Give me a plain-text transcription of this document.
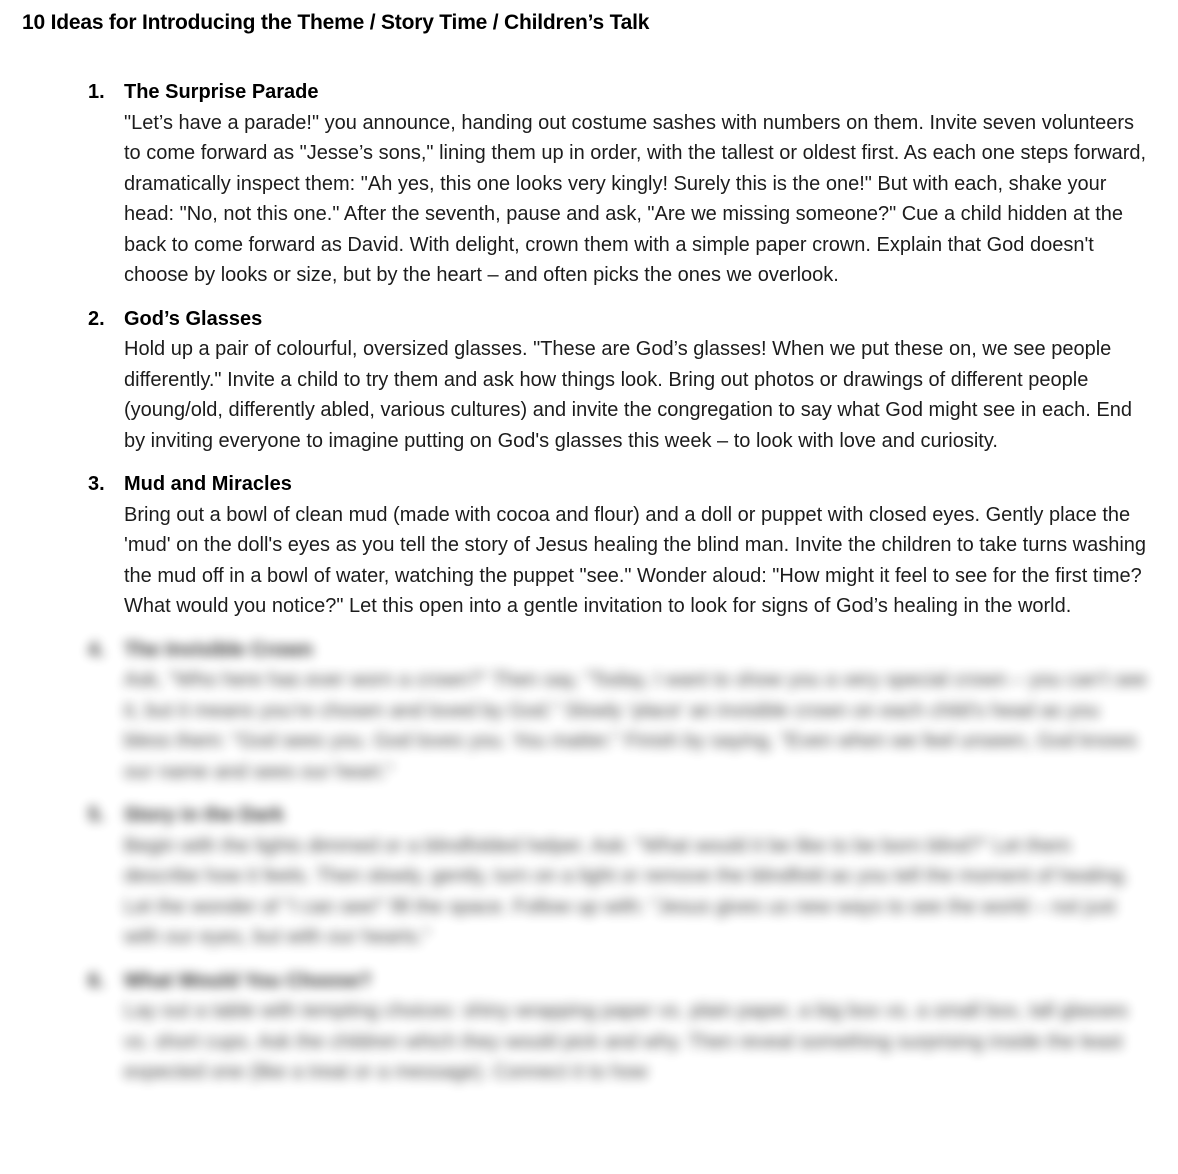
10 Ideas for Introducing the Theme / Story Time / Children’s Talk
1. The Surprise Parade

"Let’s have a parade!" you announce, handing out costume sashes with numbers on them. Invite seven volunteers to come forward as "Jesse’s sons," lining them up in order, with the tallest or oldest first. As each one steps forward, dramatically inspect them: "Ah yes, this one looks very kingly! Surely this is the one!" But with each, shake your head: "No, not this one." After the seventh, pause and ask, "Are we missing someone?" Cue a child hidden at the back to come forward as David. With delight, crown them with a simple paper crown. Explain that God doesn't choose by looks or size, but by the heart – and often picks the ones we overlook.

2. God’s Glasses

Hold up a pair of colourful, oversized glasses. "These are God’s glasses! When we put these on, we see people differently." Invite a child to try them and ask how things look. Bring out photos or drawings of different people (young/old, differently abled, various cultures) and invite the congregation to say what God might see in each. End by inviting everyone to imagine putting on God's glasses this week – to look with love and curiosity.

3. Mud and Miracles

Bring out a bowl of clean mud (made with cocoa and flour) and a doll or puppet with closed eyes. Gently place the 'mud' on the doll's eyes as you tell the story of Jesus healing the blind man. Invite the children to take turns washing the mud off in a bowl of water, watching the puppet "see." Wonder aloud: "How might it feel to see for the first time? What would you notice?" Let this open into a gentle invitation to look for signs of God’s healing in the world.

4. The Invisible Crown

Ask, "Who here has ever worn a crown?" Then say, "Today, I want to show you a very special crown – you can’t see it, but it means you’re chosen and loved by God." Slowly ‘place’ an invisible crown on each child’s head as you bless them: "God sees you. God loves you. You matter." Finish by saying, "Even when we feel unseen, God knows our name and sees our heart."

5. Story in the Dark

Begin with the lights dimmed or a blindfolded helper. Ask: "What would it be like to be born blind?" Let them describe how it feels. Then slowly, gently, turn on a light or remove the blindfold as you tell the moment of healing. Let the wonder of "I can see!" fill the space. Follow up with: "Jesus gives us new ways to see the world – not just with our eyes, but with our hearts."

6. What Would You Choose?

Lay out a table with tempting choices: shiny wrapping paper vs. plain paper, a big box vs. a small box, tall glasses vs. short cups. Ask the children which they would pick and why. Then reveal something surprising inside the least expected one (like a treat or a message). Connect it to how
